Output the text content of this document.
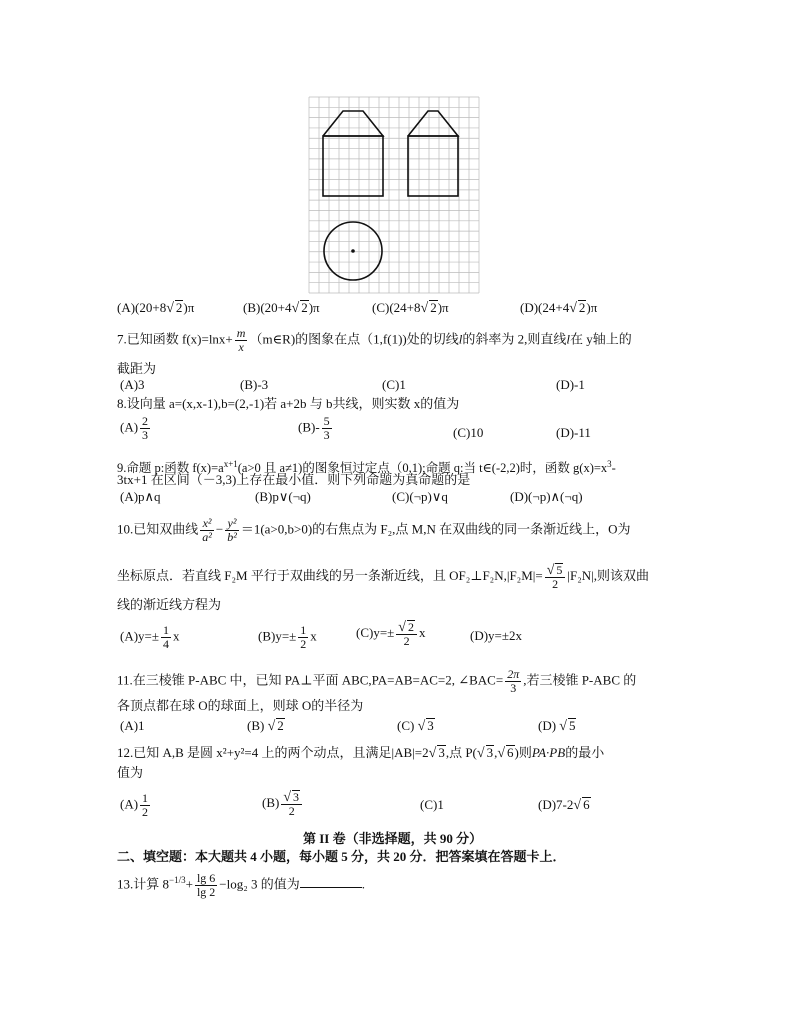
(A)(20+8√ 2)π	(B)(20+4√ 2)π	(C)(24+8√ 2)π	(D)(24+4√ 2)π
7.已知函数 $f(x)=\ln x+ \frac{m}{x}$ （m∈R)的图象在点（1,f(1))处的切线l的斜率为 2,则直线l在 y轴上的
截距为
(A)3	(B)-3	(C)1	(D)-1
8.设向量 a=(x,x-1),b=(2,-1)若 a+2b 与 b共线，则实数 x的值为
$(A) \frac{2}{3}$	$(B)- \frac{5}{3}$	(C)10	(D)-11
9.命题 p:函数 $f(x)=a^{x+1}(a>0$ 且 a≠1)的图象恒过定点（0,1);命题 q:当 t∈(-2,2)时，函数 $g(x)=x^3-$
3tx+1 在区间（－3,3)上存在最小值．则下列命题为真命题的是
(A)p∧q	(B)p∨(¬q)	(C)(¬p)∨q	(D)(¬p)∧(¬q)
10.已知双曲线 $\frac{\text{x²}}{\text{a²}} - \frac{\text{y²}}{\text{b²}} =1(a>0,b>0)$的右焦点为 F₂,点 M,N 在双曲线的同一条渐近线上，O为
坐标原点．若直线 F₂M 平行于双曲线的另一条渐近线，且 OF₂⊥F₂N,|F₂M|= $\frac{√ 5}{2} |F_2N|$,则该双曲
线的渐近线方程为
$(A)y=\pm \frac{1}{4}$ x	$(B)y=\pm \frac{1}{2}$ x	$(C)y=\pm \frac{√ 2}{2}$ x	(D)y=±2x
11.在三棱锥 P-ABC 中，已知 PA⊥平面 ABC,PA=AB=AC=2, ∠BAC= $\frac{2\pi}{3}$ ,若三棱锥 P-ABC 的
各顶点都在球 O的球面上，则球 O的半径为
(A)1	(B) √ 2	(C) √ 3	(D) √ 5
12.已知 A,B 是圆 x²+y²=4 上的两个动点，且满足|AB|=2√ 3,点 P(√ 3,√ 6)则PA·PB的最小
值为
$(A) \frac{1}{2}$	$(B) \frac{√ 3}{2}$	(C)1	(D)7-2√ 6
第 II 卷（非选择题，共 90 分）
二、填空题：本大题共 4 小题，每小题 5 分，共 20 分．把答案填在答题卡上．
13.计算 $8^{-1/3}+ \frac{\lg 6}{\lg 2} -\log_2$ 3 的值为	.
